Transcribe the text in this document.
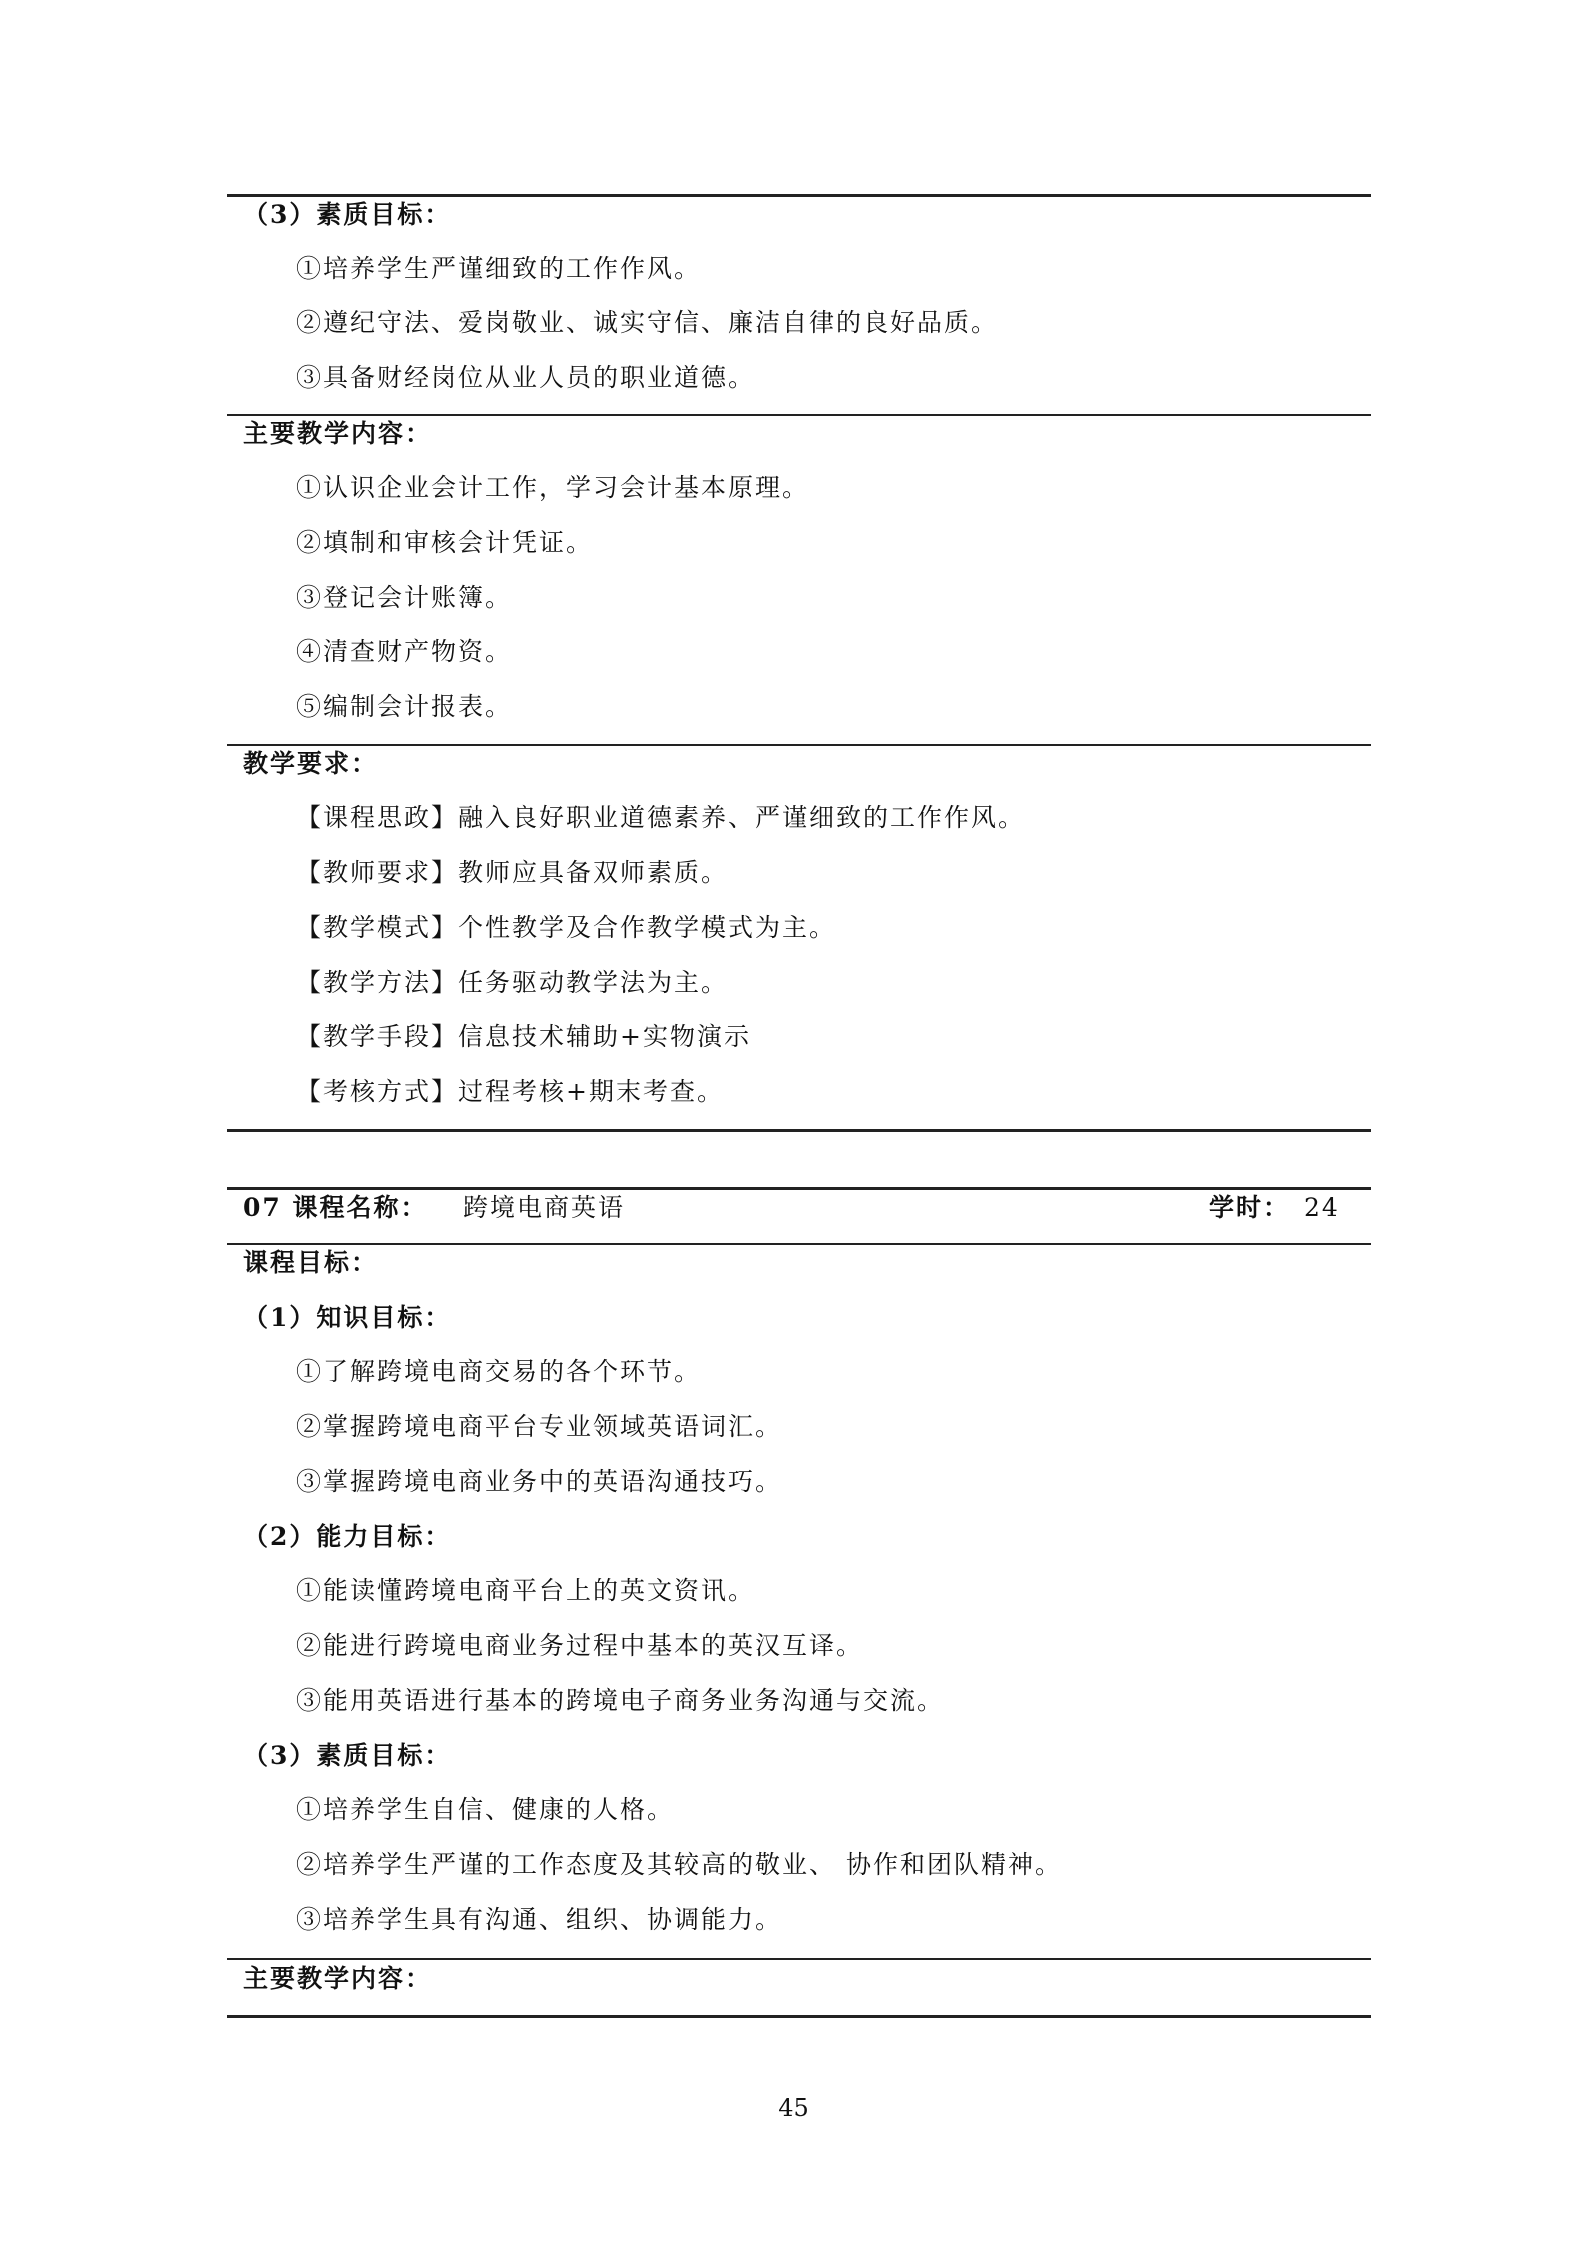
（3）素质目标：
①培养学生严谨细致的工作作风。
②遵纪守法、爱岗敬业、诚实守信、廉洁自律的良好品质。
③具备财经岗位从业人员的职业道德。
主要教学内容：
①认识企业会计工作，学习会计基本原理。
②填制和审核会计凭证。
③登记会计账簿。
④清查财产物资。
⑤编制会计报表。
教学要求：
【课程思政】融入良好职业道德素养、严谨细致的工作作风。
【教师要求】教师应具备双师素质。
【教学模式】个性教学及合作教学模式为主。
【教学方法】任务驱动教学法为主。
【教学手段】信息技术辅助+实物演示
【考核方式】过程考核+期末考查。
07 课程名称： 跨境电商英语	学时： 24
课程目标：
（1）知识目标：
①了解跨境电商交易的各个环节。
②掌握跨境电商平台专业领域英语词汇。
③掌握跨境电商业务中的英语沟通技巧。
（2）能力目标：
①能读懂跨境电商平台上的英文资讯。
②能进行跨境电商业务过程中基本的英汉互译。
③能用英语进行基本的跨境电子商务业务沟通与交流。
（3）素质目标：
①培养学生自信、健康的人格。
②培养学生严谨的工作态度及其较高的敬业、 协作和团队精神。
③培养学生具有沟通、组织、协调能力。
主要教学内容：
45
